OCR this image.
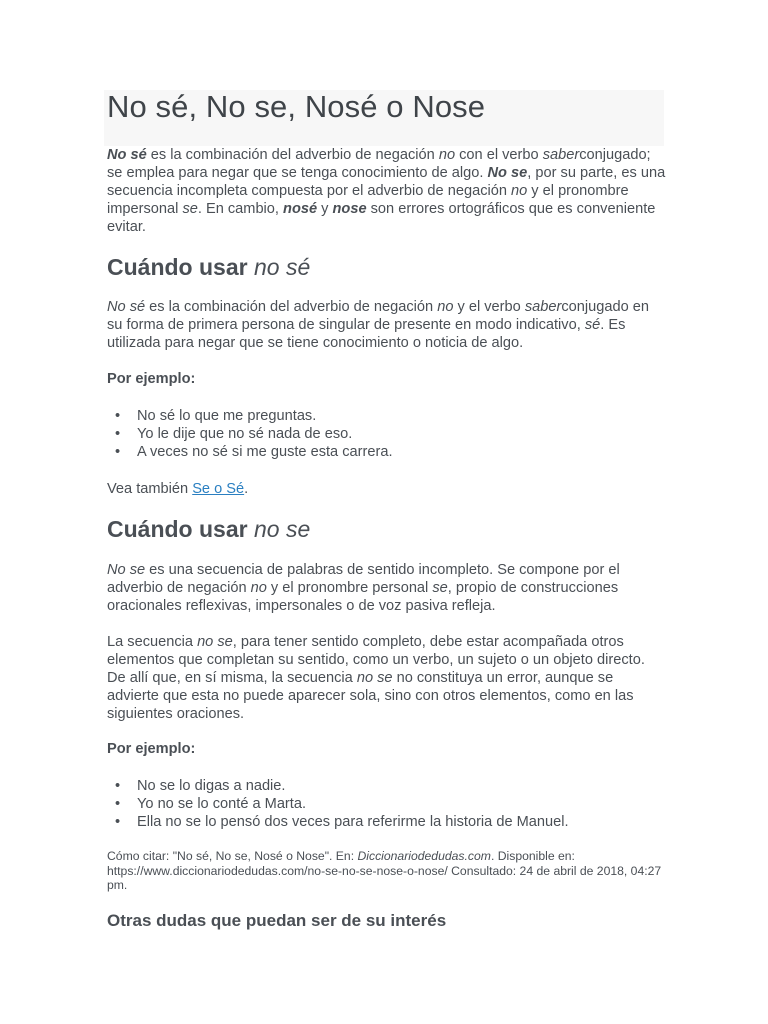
No sé, No se, Nosé o Nose

No sé es la combinación del adverbio de negación no con el verbo saberconjugado; se emplea para negar que se tenga conocimiento de algo. No se, por su parte, es una secuencia incompleta compuesta por el adverbio de negación no y el pronombre impersonal se. En cambio, nosé y nose son errores ortográficos que es conveniente evitar.

Cuándo usar no sé

No sé es la combinación del adverbio de negación no y el verbo saberconjugado en su forma de primera persona de singular de presente en modo indicativo, sé. Es utilizada para negar que se tiene conocimiento o noticia de algo.

Por ejemplo:

• No sé lo que me preguntas.
• Yo le dije que no sé nada de eso.
• A veces no sé si me guste esta carrera.

Vea también Se o Sé.

Cuándo usar no se

No se es una secuencia de palabras de sentido incompleto. Se compone por el adverbio de negación no y el pronombre personal se, propio de construcciones oracionales reflexivas, impersonales o de voz pasiva refleja.

La secuencia no se, para tener sentido completo, debe estar acompañada otros elementos que completan su sentido, como un verbo, un sujeto o un objeto directo. De allí que, en sí misma, la secuencia no se no constituya un error, aunque se advierte que esta no puede aparecer sola, sino con otros elementos, como en las siguientes oraciones.

Por ejemplo:

• No se lo digas a nadie.
• Yo no se lo conté a Marta.
• Ella no se lo pensó dos veces para referirme la historia de Manuel.

Cómo citar: "No sé, No se, Nosé o Nose". En: Diccionariodedudas.com. Disponible en: https://www.diccionariodedudas.com/no-se-no-se-nose-o-nose/ Consultado: 24 de abril de 2018, 04:27 pm.

Otras dudas que puedan ser de su interés
